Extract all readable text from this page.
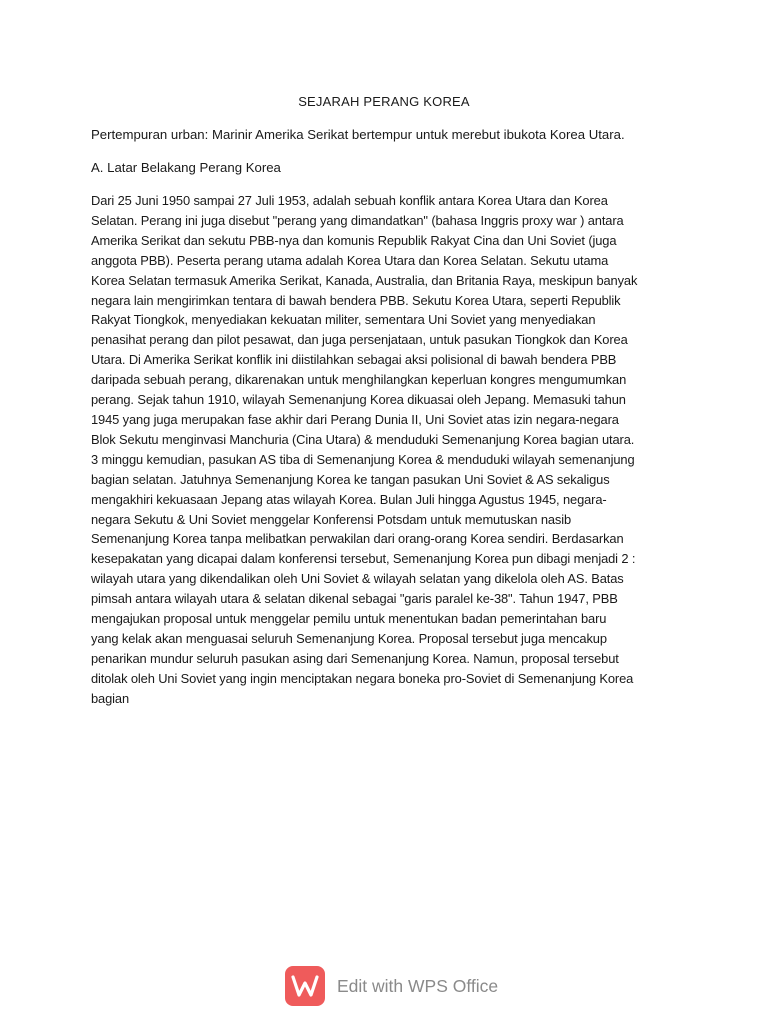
SEJARAH PERANG KOREA
Pertempuran urban: Marinir Amerika Serikat bertempur untuk merebut ibukota Korea Utara.
A. Latar Belakang Perang Korea
Dari 25 Juni 1950 sampai 27 Juli 1953, adalah sebuah konflik antara Korea Utara dan Korea
Selatan. Perang ini juga disebut "perang yang dimandatkan" (bahasa Inggris proxy war ) antara
Amerika Serikat dan sekutu PBB-nya dan komunis Republik Rakyat Cina dan Uni Soviet (juga
anggota PBB). Peserta perang utama adalah Korea Utara dan Korea Selatan. Sekutu utama
Korea Selatan termasuk Amerika Serikat, Kanada, Australia, dan Britania Raya, meskipun banyak
negara lain mengirimkan tentara di bawah bendera PBB. Sekutu Korea Utara, seperti Republik
Rakyat Tiongkok, menyediakan kekuatan militer, sementara Uni Soviet yang menyediakan
penasihat perang dan pilot pesawat, dan juga persenjataan, untuk pasukan Tiongkok dan Korea
Utara. Di Amerika Serikat konflik ini diistilahkan sebagai aksi polisional di bawah bendera PBB
daripada sebuah perang, dikarenakan untuk menghilangkan keperluan kongres mengumumkan
perang. Sejak tahun 1910, wilayah Semenanjung Korea dikuasai oleh Jepang. Memasuki tahun
1945 yang juga merupakan fase akhir dari Perang Dunia II, Uni Soviet atas izin negara-negara
Blok Sekutu menginvasi Manchuria (Cina Utara) & menduduki Semenanjung Korea bagian utara.
3 minggu kemudian, pasukan AS tiba di Semenanjung Korea & menduduki wilayah semenanjung
bagian selatan. Jatuhnya Semenanjung Korea ke tangan pasukan Uni Soviet & AS sekaligus
mengakhiri kekuasaan Jepang atas wilayah Korea. Bulan Juli hingga Agustus 1945, negara-
negara Sekutu & Uni Soviet menggelar Konferensi Potsdam untuk memutuskan nasib
Semenanjung Korea tanpa melibatkan perwakilan dari orang-orang Korea sendiri. Berdasarkan
kesepakatan yang dicapai dalam konferensi tersebut, Semenanjung Korea pun dibagi menjadi 2 :
wilayah utara yang dikendalikan oleh Uni Soviet & wilayah selatan yang dikelola oleh AS. Batas
pimsah antara wilayah utara & selatan dikenal sebagai "garis paralel ke-38". Tahun 1947, PBB
mengajukan proposal untuk menggelar pemilu untuk menentukan badan pemerintahan baru
yang kelak akan menguasai seluruh Semenanjung Korea. Proposal tersebut juga mencakup
penarikan mundur seluruh pasukan asing dari Semenanjung Korea. Namun, proposal tersebut
ditolak oleh Uni Soviet yang ingin menciptakan negara boneka pro-Soviet di Semenanjung Korea
bagian
Edit with WPS Office
